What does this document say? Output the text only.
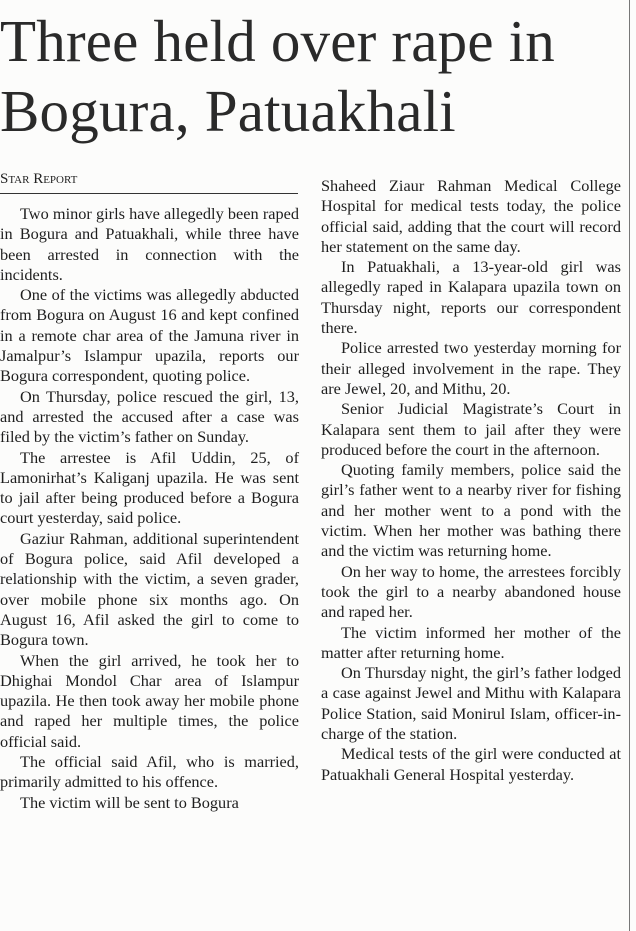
Three held over rape in Bogura, Patuakhali
Star Report

Two minor girls have allegedly been raped in Bogura and Patuakhali, while three have been arrested in connection with the incidents.

One of the victims was allegedly abducted from Bogura on August 16 and kept confined in a remote char area of the Jamuna river in Jamalpur’s Islampur upazila, reports our Bogura correspondent, quoting police.

On Thursday, police rescued the girl, 13, and arrested the accused after a case was filed by the victim’s father on Sunday.

The arrestee is Afil Uddin, 25, of Lamonirhat’s Kaliganj upazila. He was sent to jail after being produced before a Bogura court yesterday, said police.

Gaziur Rahman, additional superintendent of Bogura police, said Afil developed a relationship with the victim, a seven grader, over mobile phone six months ago. On August 16, Afil asked the girl to come to Bogura town.

When the girl arrived, he took her to Dhighai Mondol Char area of Islampur upazila. He then took away her mobile phone and raped her multiple times, the police official said.

The official said Afil, who is married, primarily admitted to his offence.

The victim will be sent to Bogura

Shaheed Ziaur Rahman Medical College Hospital for medical tests today, the police official said, adding that the court will record her statement on the same day.

In Patuakhali, a 13-year-old girl was allegedly raped in Kalapara upazila town on Thursday night, reports our correspondent there.

Police arrested two yesterday morning for their alleged involvement in the rape. They are Jewel, 20, and Mithu, 20.

Senior Judicial Magistrate’s Court in Kalapara sent them to jail after they were produced before the court in the afternoon.

Quoting family members, police said the girl’s father went to a nearby river for fishing and her mother went to a pond with the victim. When her mother was bathing there and the victim was returning home.

On her way to home, the arrestees forcibly took the girl to a nearby abandoned house and raped her.

The victim informed her mother of the matter after returning home.

On Thursday night, the girl’s father lodged a case against Jewel and Mithu with Kalapara Police Station, said Monirul Islam, officer-in-charge of the station.

Medical tests of the girl were conducted at Patuakhali General Hospital yesterday.
